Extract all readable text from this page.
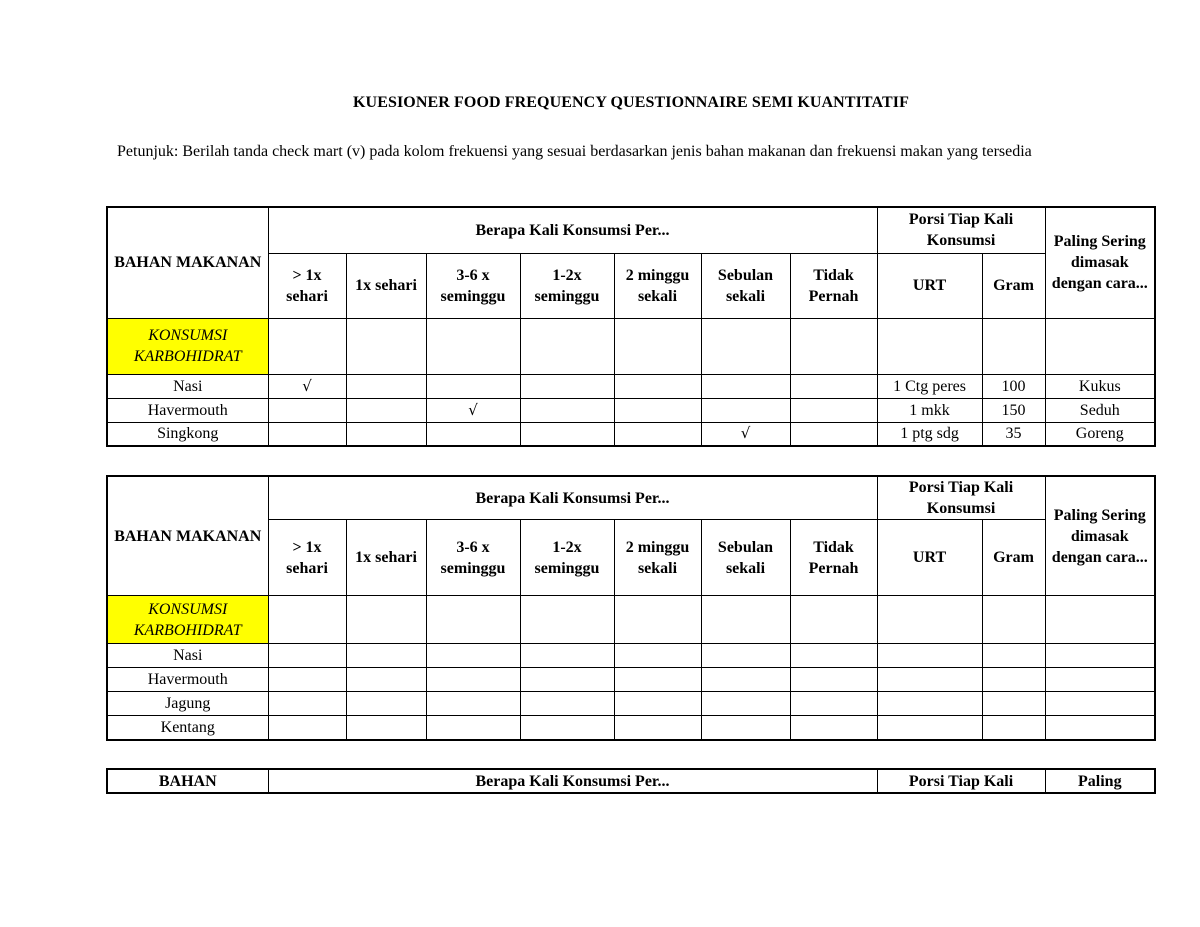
KUESIONER FOOD FREQUENCY QUESTIONNAIRE SEMI KUANTITATIF
Petunjuk: Berilah tanda check mart (v) pada kolom frekuensi yang sesuai berdasarkan jenis bahan makanan dan frekuensi makan yang tersedia
BAHAN MAKANAN	Berapa Kali Konsumsi Per...							Porsi Tiap Kali Konsumsi		Paling Sering dimasak dengan cara...
	> 1x sehari	1x sehari	3-6 x seminggu	1-2x seminggu	2 minggu sekali	Sebulan sekali	Tidak Pernah	URT	Gram	
KONSUMSI KARBOHIDRAT										
Nasi	√							1 Ctg peres	100	Kukus
Havermouth			√					1 mkk	150	Seduh
Singkong						√		1 ptg sdg	35	Goreng
BAHAN MAKANAN	Berapa Kali Konsumsi Per...							Porsi Tiap Kali Konsumsi		Paling Sering dimasak dengan cara...
	> 1x sehari	1x sehari	3-6 x seminggu	1-2x seminggu	2 minggu sekali	Sebulan sekali	Tidak Pernah	URT	Gram	
KONSUMSI KARBOHIDRAT										
Nasi										
Havermouth										
Jagung										
Kentang										
BAHAN	Berapa Kali Konsumsi Per...	Porsi Tiap Kali	Paling
